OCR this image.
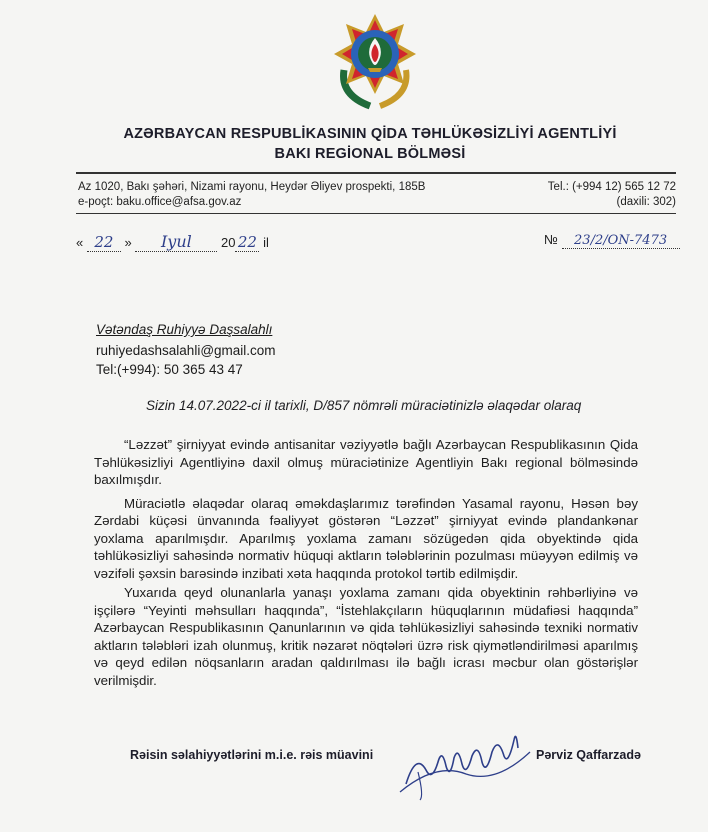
AZƏRBAYCAN RESPUBLİKASININ QİDA TƏHLÜKƏSİZLİYİ AGENTLİYİ
BAKI REGİONAL BÖLMƏSİ
Az 1020, Bakı şəhəri, Nizami rayonu, Heydər Əliyev prospekti, 185B
e-poçt: baku.office@afsa.gov.az
Tel.: (+994 12) 565 12 72
(daxili: 302)
« 22 » Iyul 20 22 il	№ 23/2/ON-7473
Vətəndaş Ruhiyyə Daşsalahlı
ruhiyedashsalahli@gmail.com
Tel:(+994): 50 365 43 47
Sizin 14.07.2022-ci il tarixli, D/857 nömrəli müraciətinizlə əlaqədar olaraq

“Ləzzət” şirniyyat evində antisanitar vəziyyətlə bağlı Azərbaycan Respublikasının Qida Təhlükəsizliyi Agentliyinə daxil olmuş müraciətinize Agentliyin Bakı regional bölməsində baxılmışdır.

Müraciətlə əlaqədar olaraq əməkdaşlarımız tərəfindən Yasamal rayonu, Həsən bəy Zərdabi küçəsi ünvanında fəaliyyət göstərən “Ləzzət” şirniyyat evində plandankənar yoxlama aparılmışdır. Aparılmış yoxlama zamanı sözügedən qida obyektində qida təhlükəsizliyi sahəsində normativ hüquqi aktların tələblərinin pozulması müəyyən edilmiş və vəzifəli şəxsin barəsində inzibati xəta haqqında protokol tərtib edilmişdir.

Yuxarıda qeyd olunanlarla yanaşı yoxlama zamanı qida obyektinin rəhbərliyinə və işçilərə “Yeyinti məhsulları haqqında”, “İstehlakçıların hüquqlarının müdafiəsi haqqında” Azərbaycan Respublikasının Qanunlarının və qida təhlükəsizliyi sahəsində texniki normativ aktların tələbləri izah olunmuş, kritik nəzarət nöqtələri üzrə risk qiymətləndirilməsi aparılmış və qeyd edilən nöqsanların aradan qaldırılması ilə bağlı icrası məcbur olan göstərişlər verilmişdir.

Rəisin səlahiyyətlərini m.i.e. rəis müavini	Pərviz Qaffarzadə
